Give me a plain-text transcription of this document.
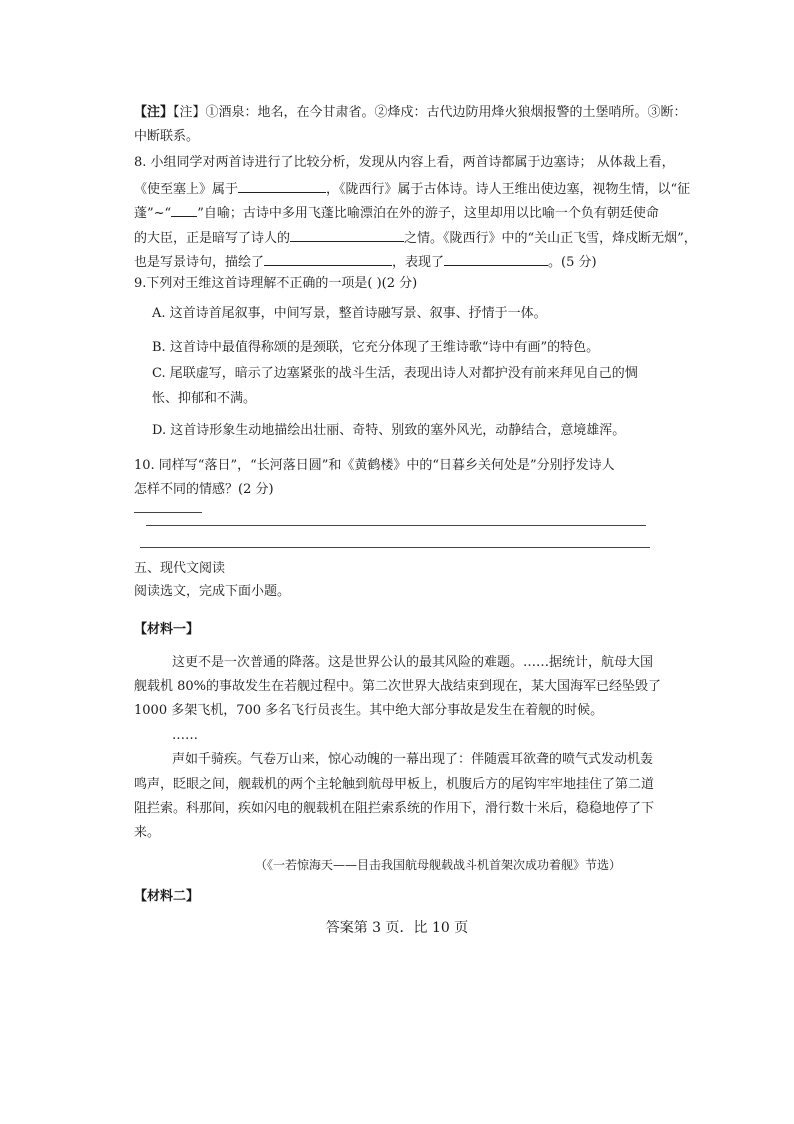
【注】【注】①酒泉：地名，在今甘肃省。②烽戍：古代边防用烽火狼烟报警的土堡哨所。③断：
中断联系。
8. 小组同学对两首诗进行了比较分析，发现从内容上看，两首诗都属于边塞诗； 从体裁上看，
《使至塞上》属于	，《陇西行》属于古体诗。诗人王维出使边塞，视物生情，以“征
蓬”~“ ”自喻；古诗中多用飞蓬比喻漂泊在外的游子，这里却用以比喻一个负有朝廷使命
的大臣，正是暗写了诗人的	之情。《陇西行》中的“关山正飞雪，烽戍断无烟”，
也是写景诗句，描绘了	，表现了	。(5 分)
9.下列对王维这首诗理解不正确的一项是( )(2 分)
A. 这首诗首尾叙事，中间写景，整首诗融写景、叙事、抒情于一体。
B. 这首诗中最值得称颂的是颈联，它充分体现了王维诗歌“诗中有画”的特色。
C. 尾联虚写，暗示了边塞紧张的战斗生活，表现出诗人对都护没有前来拜见自己的惆
怅、抑郁和不满。
D. 这首诗形象生动地描绘出壮丽、奇特、别致的塞外风光，动静结合，意境雄浑。
10. 同样写“落日”，“长河落日圆”和《黄鹤楼》中的“日暮乡关何处是”分别抒发诗人
怎样不同的情感？(2 分)
五、现代文阅读
阅读选文，完成下面小题。
【材料一】
这更不是一次普通的降落。这是世界公认的最其风险的难题。……据统计，航母大国
舰载机 80%的事故发生在若舰过程中。第二次世界大战结束到现在，某大国海军已经坠毁了
1000 多架飞机，700 多名飞行员丧生。其中绝大部分事故是发生在着舰的时候。
……
声如千骑疾。气卷万山来，惊心动魄的一幕出现了：伴随震耳欲聋的喷气式发动机轰
鸣声，眨眼之间，舰载机的两个主轮触到航母甲板上，机腹后方的尾钩牢牢地挂住了第二道
阻拦索。科那间，疾如闪电的舰载机在阻拦索系统的作用下，滑行数十米后，稳稳地停了下
来。
（《一若惊海天——目击我国航母舰载战斗机首架次成功着舰》节选）
【材料二】
答案第 3 页．比 10 页
